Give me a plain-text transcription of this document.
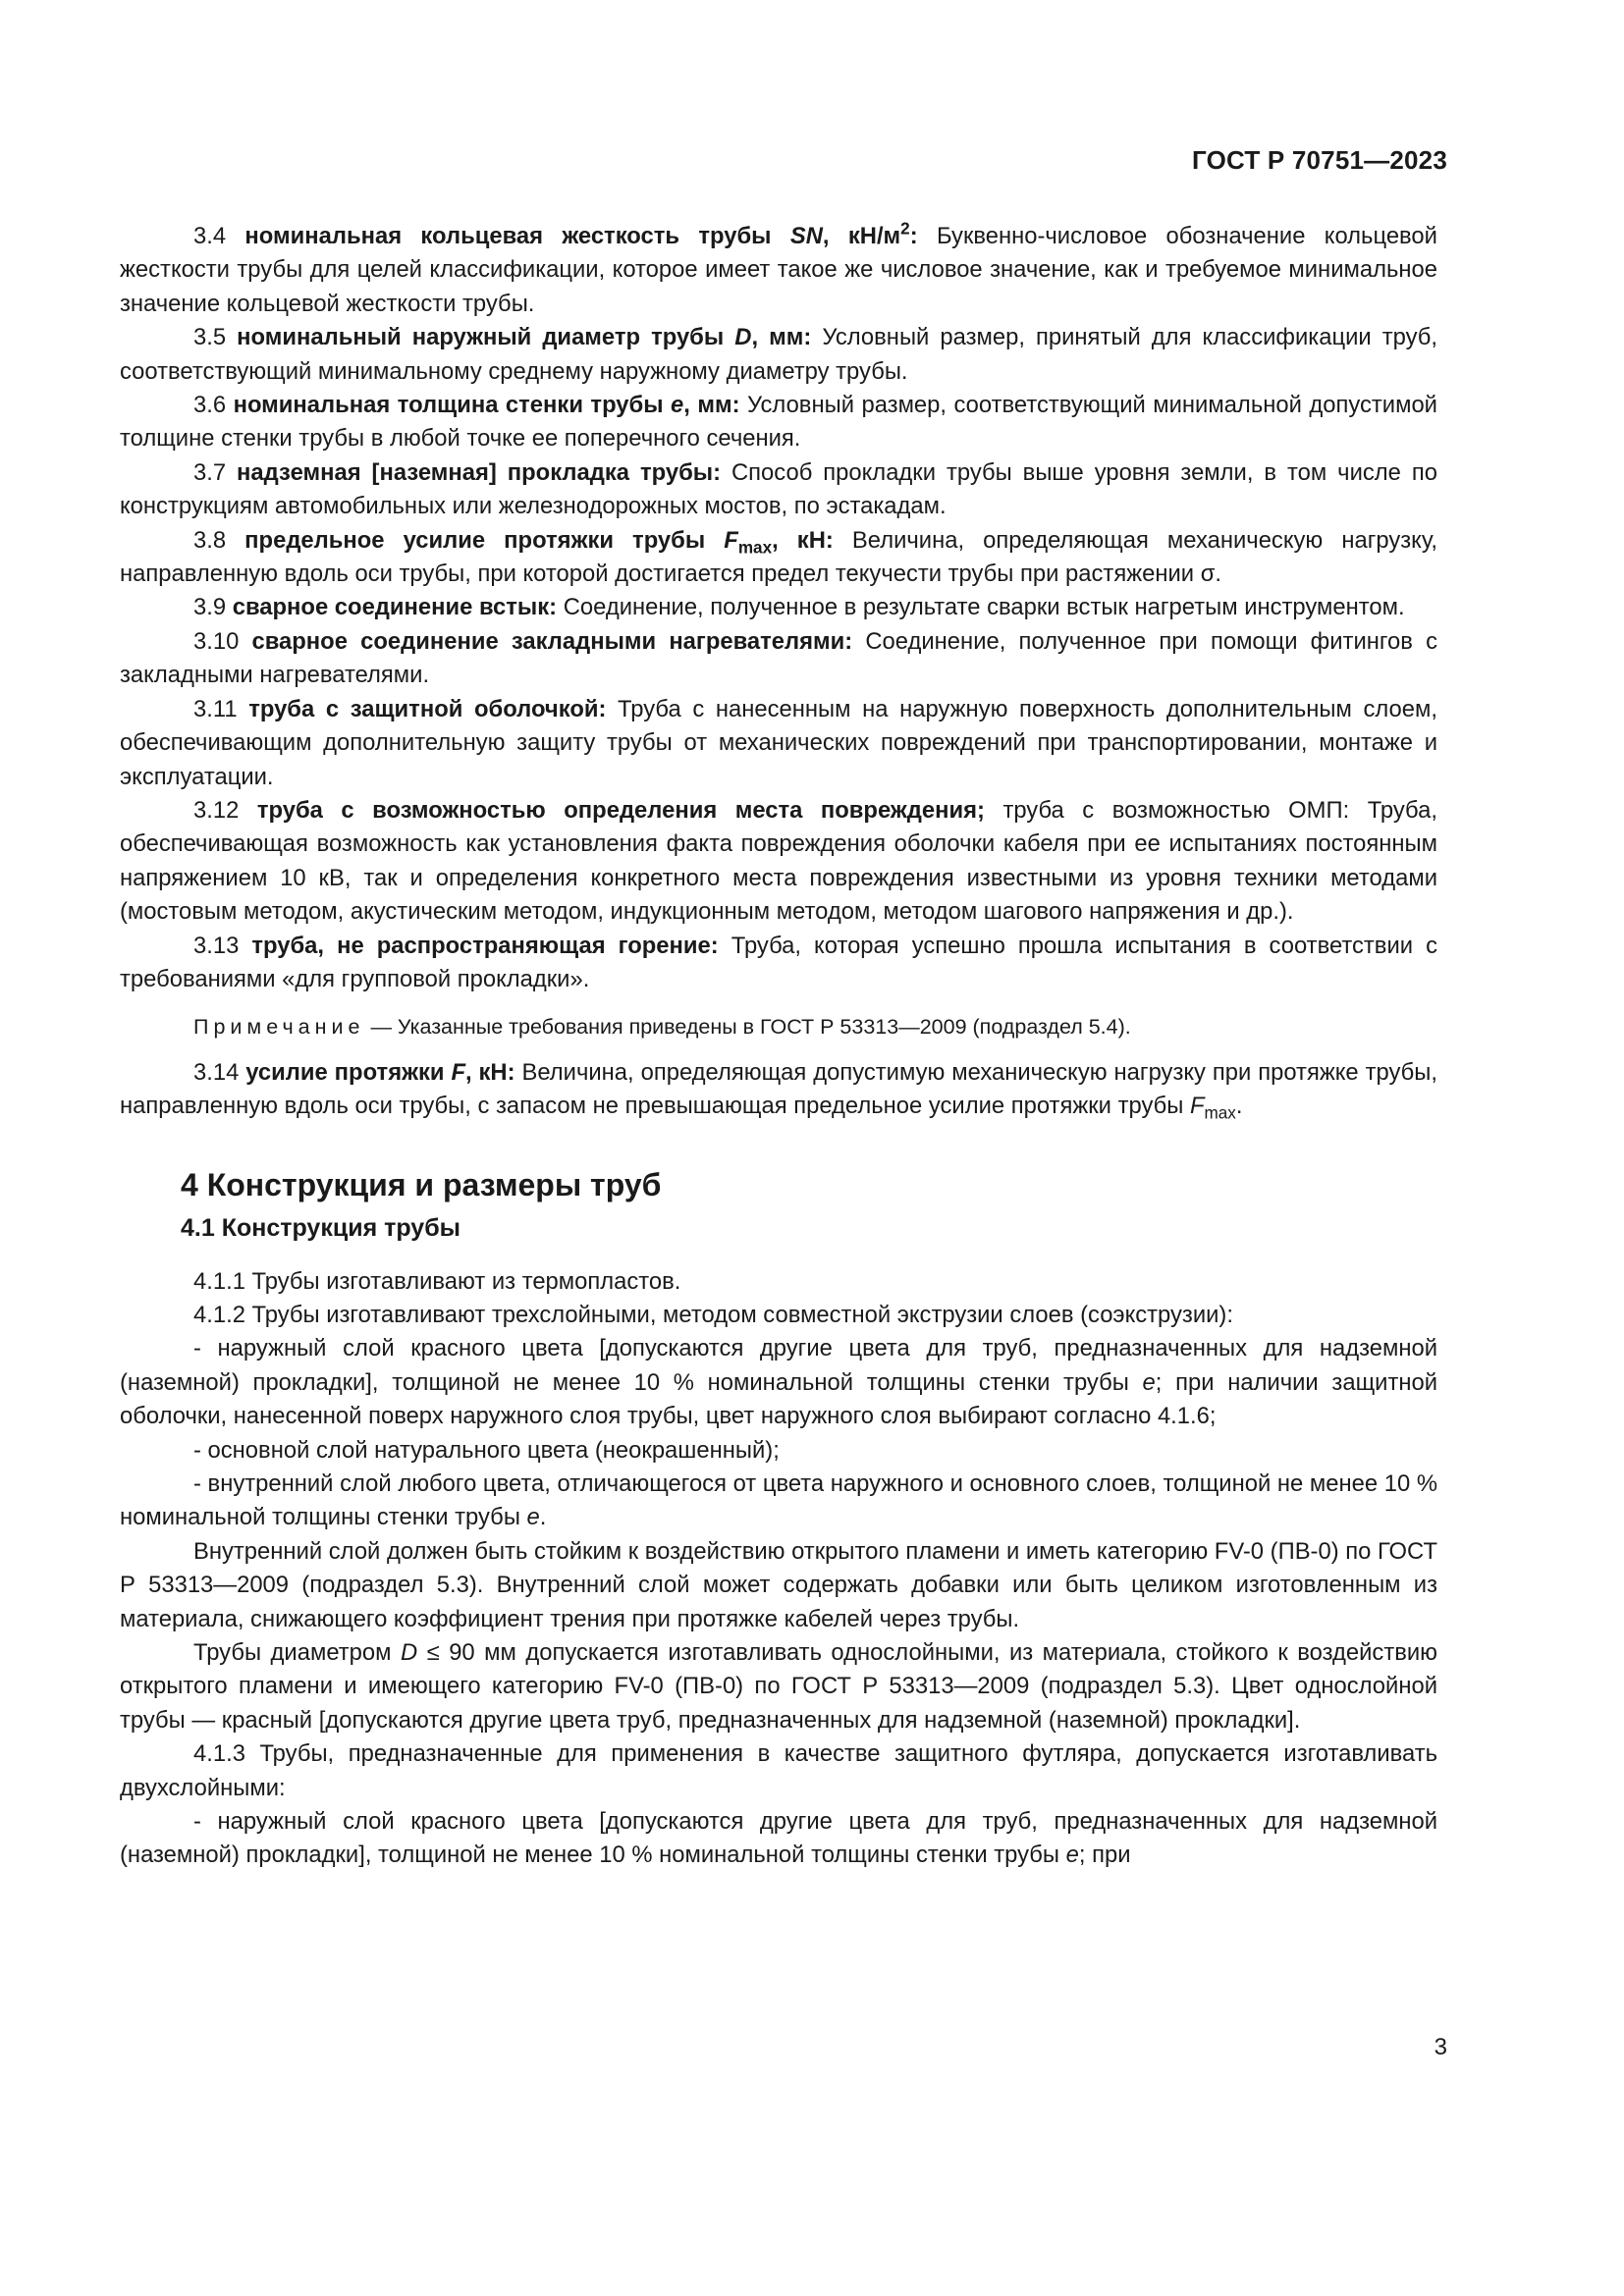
ГОСТ Р 70751—2023

3.4 номинальная кольцевая жесткость трубы SN, $кН/м^2$: Буквенно-числовое обозначение кольцевой жесткости трубы для целей классификации, которое имеет такое же числовое значение, как и требуемое минимальное значение кольцевой жесткости трубы.

3.5 номинальный наружный диаметр трубы D, мм: Условный размер, принятый для классификации труб, соответствующий минимальному среднему наружному диаметру трубы.

3.6 номинальная толщина стенки трубы e, мм: Условный размер, соответствующий минимальной допустимой толщине стенки трубы в любой точке ее поперечного сечения.

3.7 надземная [наземная] прокладка трубы: Способ прокладки трубы выше уровня земли, в том числе по конструкциям автомобильных или железнодорожных мостов, по эстакадам.

3.8 предельное усилие протяжки трубы $F_{max}$, кН: Величина, определяющая механическую нагрузку, направленную вдоль оси трубы, при которой достигается предел текучести трубы при растяжении σ.

3.9 сварное соединение встык: Соединение, полученное в результате сварки встык нагретым инструментом.

3.10 сварное соединение закладными нагревателями: Соединение, полученное при помощи фитингов с закладными нагревателями.

3.11 труба с защитной оболочкой: Труба с нанесенным на наружную поверхность дополнительным слоем, обеспечивающим дополнительную защиту трубы от механических повреждений при транспортировании, монтаже и эксплуатации.

3.12 труба с возможностью определения места повреждения; труба с возможностью ОМП: Труба, обеспечивающая возможность как установления факта повреждения оболочки кабеля при ее испытаниях постоянным напряжением 10 кВ, так и определения конкретного места повреждения известными из уровня техники методами (мостовым методом, акустическим методом, индукционным методом, методом шагового напряжения и др.).

3.13 труба, не распространяющая горение: Труба, которая успешно прошла испытания в соответствии с требованиями «для групповой прокладки».

Примечание — Указанные требования приведены в ГОСТ Р 53313—2009 (подраздел 5.4).

3.14 усилие протяжки F, кН: Величина, определяющая допустимую механическую нагрузку при протяжке трубы, направленную вдоль оси трубы, с запасом не превышающая предельное усилие протяжки трубы $F_{max}$.

4 Конструкция и размеры труб
4.1 Конструкция трубы

4.1.1 Трубы изготавливают из термопластов.

4.1.2 Трубы изготавливают трехслойными, методом совместной экструзии слоев (соэкструзии):

- наружный слой красного цвета [допускаются другие цвета для труб, предназначенных для надземной (наземной) прокладки], толщиной не менее 10 % номинальной толщины стенки трубы e; при наличии защитной оболочки, нанесенной поверх наружного слоя трубы, цвет наружного слоя выбирают согласно 4.1.6;

- основной слой натурального цвета (неокрашенный);

- внутренний слой любого цвета, отличающегося от цвета наружного и основного слоев, толщиной не менее 10 % номинальной толщины стенки трубы e.

Внутренний слой должен быть стойким к воздействию открытого пламени и иметь категорию FV-0 (ПВ-0) по ГОСТ Р 53313—2009 (подраздел 5.3). Внутренний слой может содержать добавки или быть целиком изготовленным из материала, снижающего коэффициент трения при протяжке кабелей через трубы.

Трубы диаметром D ≤ 90 мм допускается изготавливать однослойными, из материала, стойкого к воздействию открытого пламени и имеющего категорию FV-0 (ПВ-0) по ГОСТ Р 53313—2009 (подраздел 5.3). Цвет однослойной трубы — красный [допускаются другие цвета труб, предназначенных для надземной (наземной) прокладки].

4.1.3 Трубы, предназначенные для применения в качестве защитного футляра, допускается изготавливать двухслойными:

- наружный слой красного цвета [допускаются другие цвета для труб, предназначенных для надземной (наземной) прокладки], толщиной не менее 10 % номинальной толщины стенки трубы e; при

3
